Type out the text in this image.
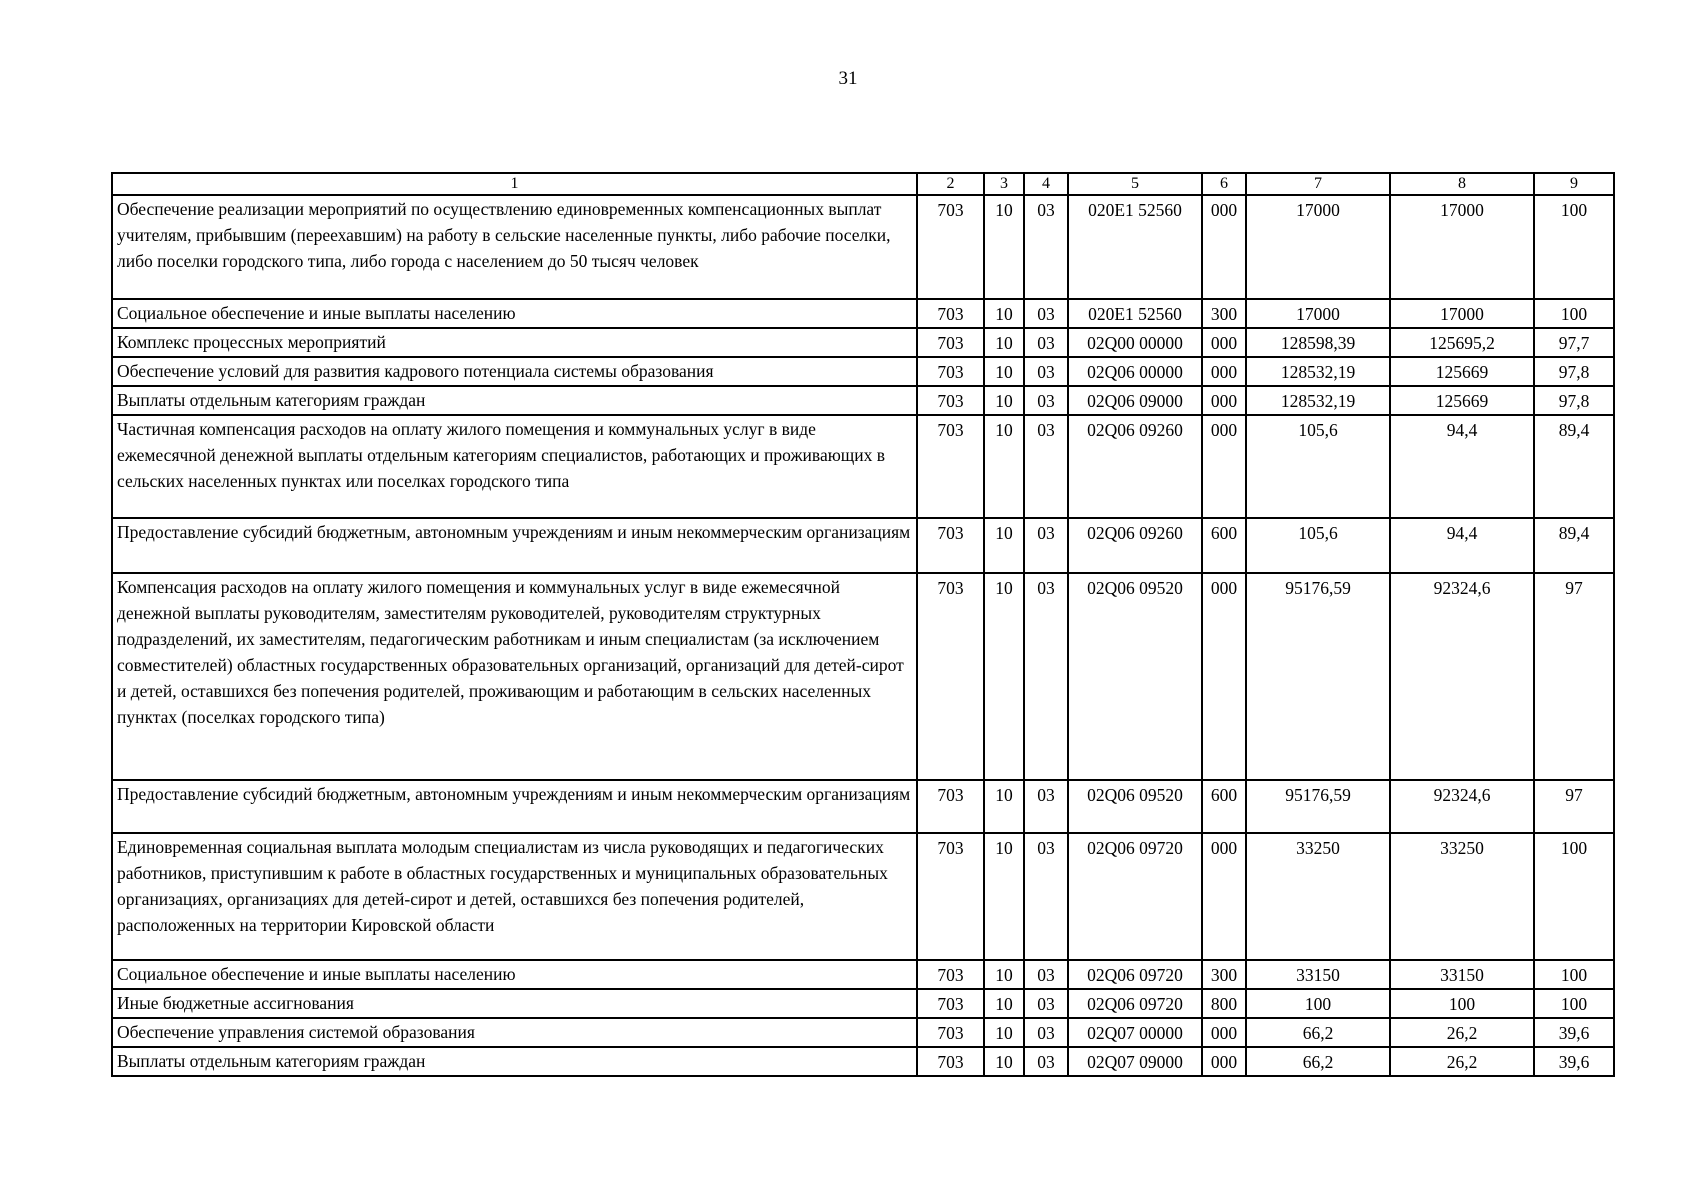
31
1	2	3	4	5	6	7	8	9
Обеспечение реализации мероприятий по осуществлению единовременных компенсационных выплат учителям, прибывшим (переехавшим) на работу в сельские населенные пункты, либо рабочие поселки, либо поселки городского типа, либо города с населением до 50 тысяч человек	703	10	03	020E1 52560	000	17000	17000	100
Социальное обеспечение и иные выплаты населению	703	10	03	020E1 52560	300	17000	17000	100
Комплекс процессных мероприятий	703	10	03	02Q00 00000	000	128598,39	125695,2	97,7
Обеспечение условий для развития кадрового потенциала системы образования	703	10	03	02Q06 00000	000	128532,19	125669	97,8
Выплаты отдельным категориям граждан	703	10	03	02Q06 09000	000	128532,19	125669	97,8
Частичная компенсация расходов на оплату жилого помещения и коммунальных услуг в виде ежемесячной денежной выплаты отдельным категориям специалистов, работающих и проживающих в сельских населенных пунктах или поселках городского типа	703	10	03	02Q06 09260	000	105,6	94,4	89,4
Предоставление субсидий бюджетным, автономным учреждениям и иным некоммерческим организациям	703	10	03	02Q06 09260	600	105,6	94,4	89,4
Компенсация расходов на оплату жилого помещения и коммунальных услуг в виде ежемесячной денежной выплаты руководителям, заместителям руководителей, руководителям структурных подразделений, их заместителям, педагогическим работникам и иным специалистам (за исключением совместителей) областных государственных образовательных организаций, организаций для детей-сирот и детей, оставшихся без попечения родителей, проживающим и работающим в сельских населенных пунктах (поселках городского типа)	703	10	03	02Q06 09520	000	95176,59	92324,6	97
Предоставление субсидий бюджетным, автономным учреждениям и иным некоммерческим организациям	703	10	03	02Q06 09520	600	95176,59	92324,6	97
Единовременная социальная выплата молодым специалистам из числа руководящих и педагогических работников, приступившим к работе в областных государственных и муниципальных образовательных организациях, организациях для детей-сирот и детей, оставшихся без попечения родителей, расположенных на территории Кировской области	703	10	03	02Q06 09720	000	33250	33250	100
Социальное обеспечение и иные выплаты населению	703	10	03	02Q06 09720	300	33150	33150	100
Иные бюджетные ассигнования	703	10	03	02Q06 09720	800	100	100	100
Обеспечение управления системой образования	703	10	03	02Q07 00000	000	66,2	26,2	39,6
Выплаты отдельным категориям граждан	703	10	03	02Q07 09000	000	66,2	26,2	39,6
